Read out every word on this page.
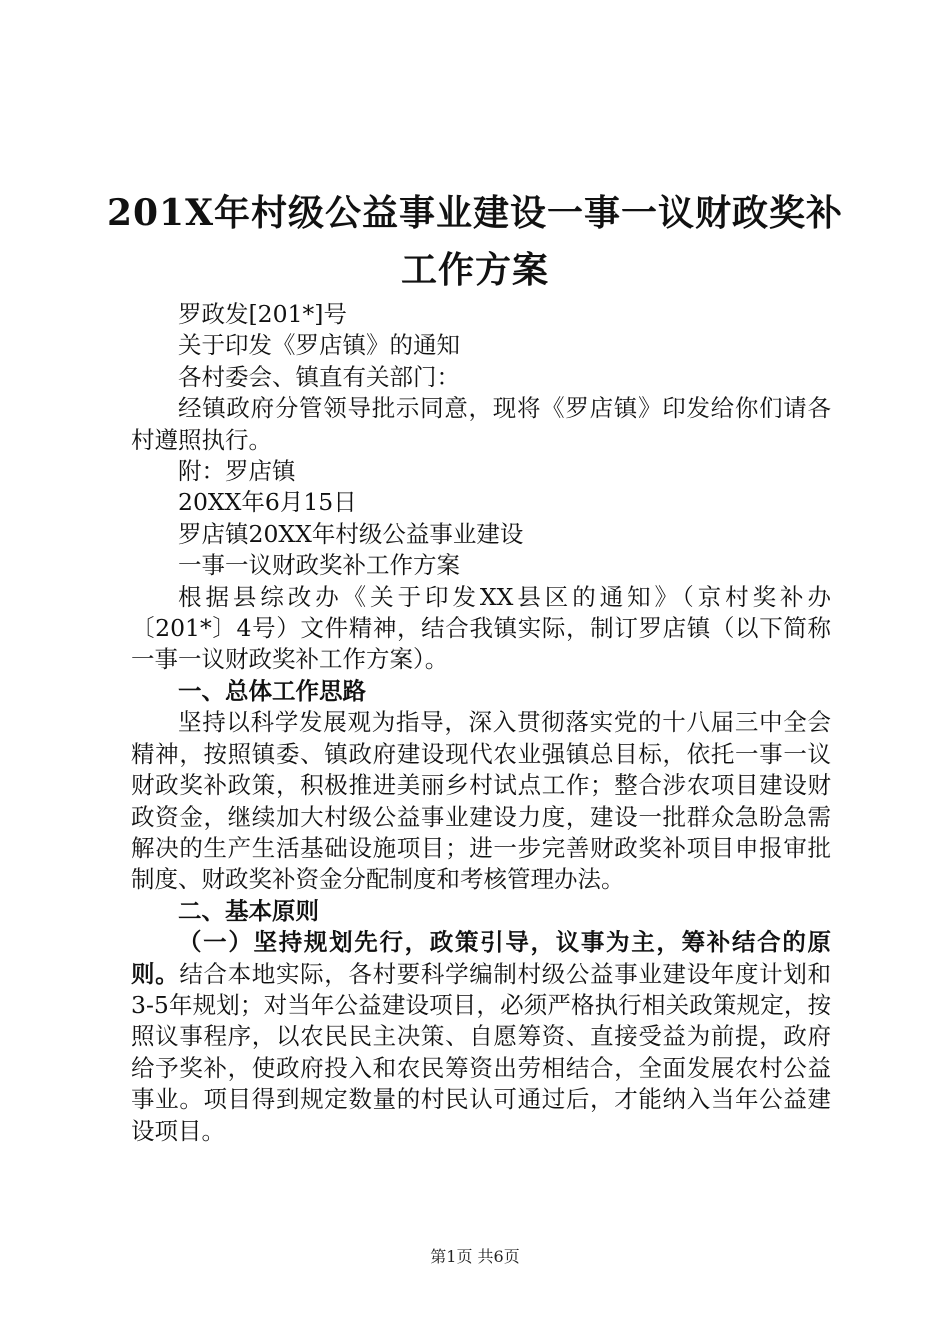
201X年村级公益事业建设一事一议财政奖补
工作方案

罗政发[201*]号

关于印发《罗店镇》的通知

各村委会、镇直有关部门：

经镇政府分管领导批示同意，现将《罗店镇》印发给你们请各村遵照执行。

附：罗店镇

20XX年6月15日

罗店镇20XX年村级公益事业建设

一事一议财政奖补工作方案

根据县综改办《关于印发XX县区的通知》（京村奖补办〔201*〕4号）文件精神，结合我镇实际，制订罗店镇（以下简称一事一议财政奖补工作方案）。

一、总体工作思路

坚持以科学发展观为指导，深入贯彻落实党的十八届三中全会精神，按照镇委、镇政府建设现代农业强镇总目标，依托一事一议财政奖补政策，积极推进美丽乡村试点工作；整合涉农项目建设财政资金，继续加大村级公益事业建设力度，建设一批群众急盼急需解决的生产生活基础设施项目；进一步完善财政奖补项目申报审批制度、财政奖补资金分配制度和考核管理办法。

二、基本原则

（一）坚持规划先行，政策引导，议事为主，筹补结合的原则。结合本地实际，各村要科学编制村级公益事业建设年度计划和3-5年规划；对当年公益建设项目，必须严格执行相关政策规定，按照议事程序，以农民民主决策、自愿筹资、直接受益为前提，政府给予奖补，使政府投入和农民筹资出劳相结合，全面发展农村公益事业。项目得到规定数量的村民认可通过后，才能纳入当年公益建设项目。

第1页 共6页
